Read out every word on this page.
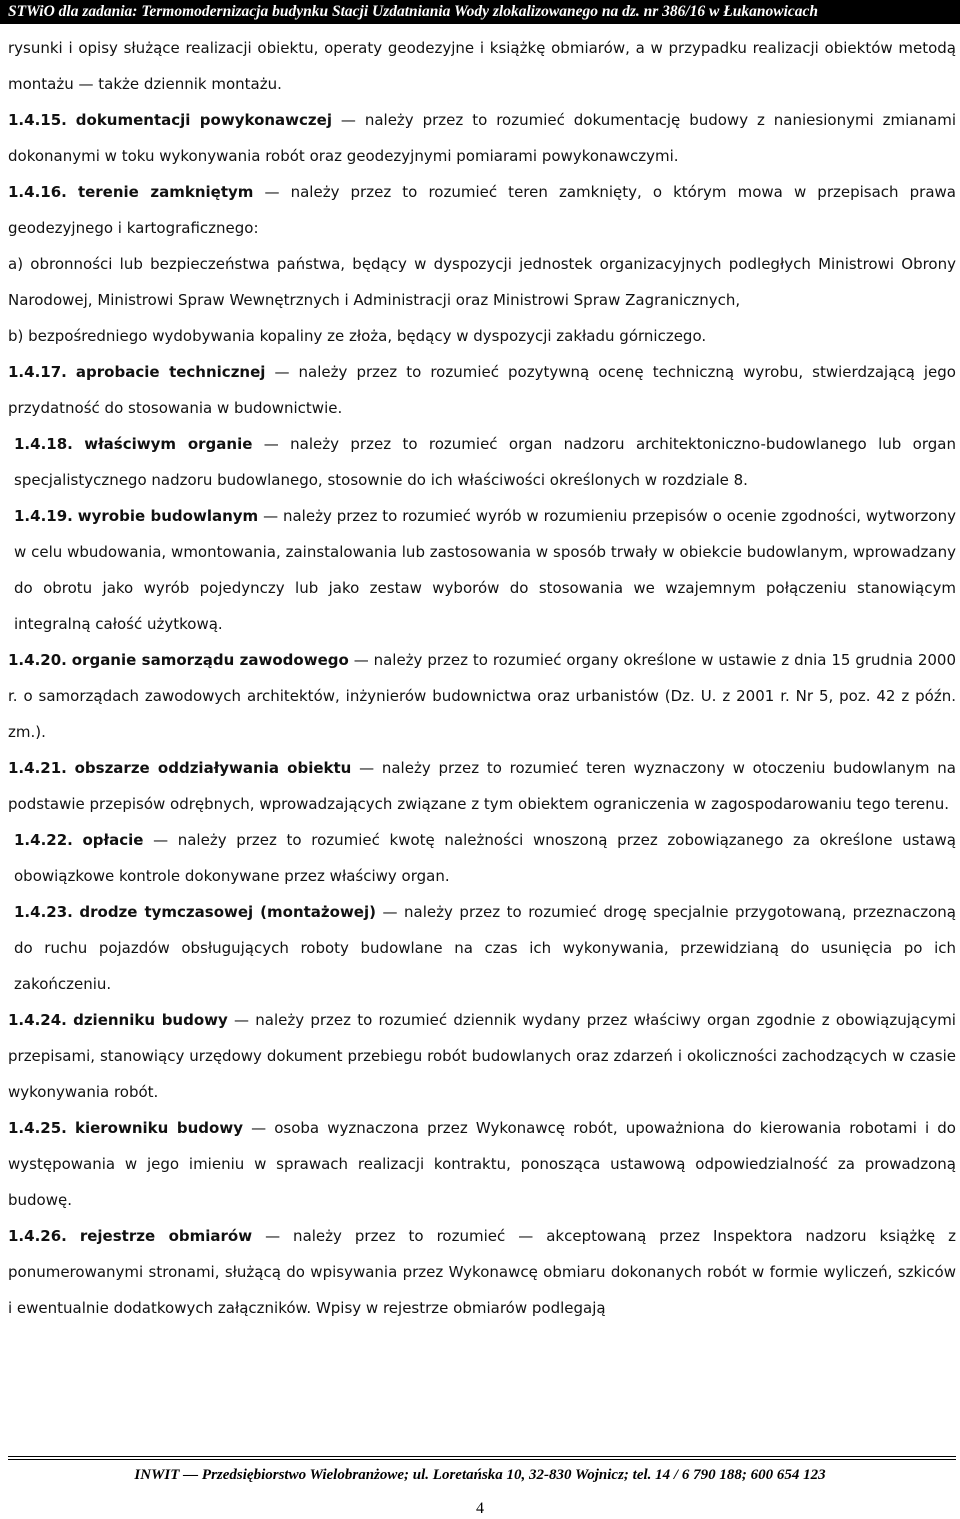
STWiO dla zadania: Termomodernizacja budynku Stacji Uzdatniania Wody zlokalizowanego na dz. nr 386/16 w Łukanowicach

rysunki i opisy służące realizacji obiektu, operaty geodezyjne i książkę obmiarów, a w przypadku realizacji obiektów metodą montażu — także dziennik montażu.

1.4.15. dokumentacji powykonawczej — należy przez to rozumieć dokumentację budowy z naniesionymi zmianami dokonanymi w toku wykonywania robót oraz geodezyjnymi pomiarami powykonawczymi.

1.4.16. terenie zamkniętym — należy przez to rozumieć teren zamknięty, o którym mowa w przepisach prawa geodezyjnego i kartograficznego:

a) obronności lub bezpieczeństwa państwa, będący w dyspozycji jednostek organizacyjnych podległych Ministrowi Obrony Narodowej, Ministrowi Spraw Wewnętrznych i Administracji oraz Ministrowi Spraw Zagranicznych,

b) bezpośredniego wydobywania kopaliny ze złoża, będący w dyspozycji zakładu górniczego.

1.4.17. aprobacie technicznej — należy przez to rozumieć pozytywną ocenę techniczną wyrobu, stwierdzającą jego przydatność do stosowania w budownictwie.

1.4.18. właściwym organie — należy przez to rozumieć organ nadzoru architektoniczno-budowlanego lub organ specjalistycznego nadzoru budowlanego, stosownie do ich właściwości określonych w rozdziale 8.

1.4.19. wyrobie budowlanym — należy przez to rozumieć wyrób w rozumieniu przepisów o ocenie zgodności, wytworzony w celu wbudowania, wmontowania, zainstalowania lub zastosowania w sposób trwały w obiekcie budowlanym, wprowadzany do obrotu jako wyrób pojedynczy lub jako zestaw wyborów do stosowania we wzajemnym połączeniu stanowiącym integralną całość użytkową.

1.4.20. organie samorządu zawodowego — należy przez to rozumieć organy określone w ustawie z dnia 15 grudnia 2000 r. o samorządach zawodowych architektów, inżynierów budownictwa oraz urbanistów (Dz. U. z 2001 r. Nr 5, poz. 42 z późn. zm.).

1.4.21. obszarze oddziaływania obiektu — należy przez to rozumieć teren wyznaczony w otoczeniu budowlanym na podstawie przepisów odrębnych, wprowadzających związane z tym obiektem ograniczenia w zagospodarowaniu tego terenu.

1.4.22. opłacie — należy przez to rozumieć kwotę należności wnoszoną przez zobowiązanego za określone ustawą obowiązkowe kontrole dokonywane przez właściwy organ.

1.4.23. drodze tymczasowej (montażowej) — należy przez to rozumieć drogę specjalnie przygotowaną, przeznaczoną do ruchu pojazdów obsługujących roboty budowlane na czas ich wykonywania, przewidzianą do usunięcia po ich zakończeniu.

1.4.24. dzienniku budowy — należy przez to rozumieć dziennik wydany przez właściwy organ zgodnie z obowiązującymi przepisami, stanowiący urzędowy dokument przebiegu robót budowlanych oraz zdarzeń i okoliczności zachodzących w czasie wykonywania robót.

1.4.25. kierowniku budowy — osoba wyznaczona przez Wykonawcę robót, upoważniona do kierowania robotami i do występowania w jego imieniu w sprawach realizacji kontraktu, ponosząca ustawową odpowiedzialność za prowadzoną budowę.

1.4.26. rejestrze obmiarów — należy przez to rozumieć — akceptowaną przez Inspektora nadzoru książkę z ponumerowanymi stronami, służącą do wpisywania przez Wykonawcę obmiaru dokonanych robót w formie wyliczeń, szkiców i ewentualnie dodatkowych załączników. Wpisy w rejestrze obmiarów podlegają

INWIT — Przedsiębiorstwo Wielobranżowe; ul. Loretańska 10, 32-830 Wojnicz; tel. 14 / 6 790 188; 600 654 123
4
